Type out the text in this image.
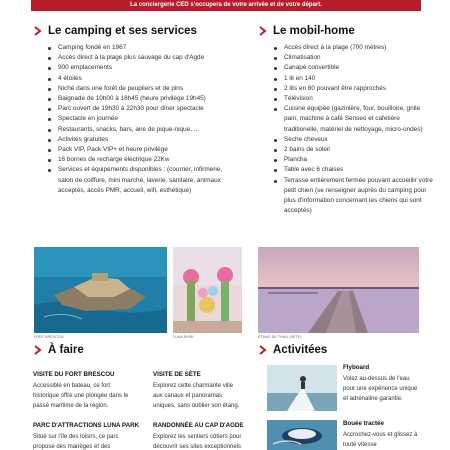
La conciergerie CED s'occupera de votre arrivée et de votre départ.
Le camping et ses services
Camping fondé en 1967
Accès direct à la plage plus sauvage du cap d'Agde
900 emplacements
4 étoiles
Niché dans une forêt de peupliers et de pins
Baignade de 10h00 à 18h45 (heure privilège 19h45)
Parc ouvert de 19h30 à 22h30 pour dîner spectacle
Spectacle en journée
Restaurants, snacks, bars, aire de pique-nique, ...
Activités gratuites
Pack VIP, Pack VIP+ et heure privilège
16 bornes de recharge électrique 22Kw
Services et équipements disponibles : (courrier, infirmerie, salon de coiffure, mini marché, laverie, sanitaire, animaux acceptés, accès PMR, accueil, wifi, esthétique)
Le mobil-home
Accès direct à la plage (700 mètres)
Climatisation
Canapé convertible
1 lit en 140
2 lits en 80 pouvant être rapprochés
Télévision
Cuisine équipée (gazinière, four, bouilloire, grille pain, machine à café Senseo et cafetière traditionelle, matériel de nettoyage, micro-ondes)
Sèche cheveux
2 bains de soleil
Plancha
Table avec 6 chaises
Terrasse entièrement fermée pouvant accueillir votre petit chien (se renseigner auprès du camping pour plus d'information concernant les chiens qui sont acceptés)
FORT BRESCOU	LUNA PARK	ÉTANG DE THAU (SÈTE)
À faire
VISITE DU FORT BRESCOU
Accessible en bateau, ce fort historique offre une plongée dans le passé maritime de la région.
VISITE DE SÈTE
Explorez cette charmante ville aux canaux et panoramas uniques, sans oublier son étang.
PARC D'ATTRACTIONS LUNA PARK
Situé sur l'île des loisirs, ce parc propose des manèges et des
RANDONNÉE AU CAP D'AGDE
Explorez les sentiers côtiers pour découvrir ses sites exceptionnels
Activitées
Flyboard
Volez au-dessus de l'eau pour une expérience unique et adrénaline garantie.
Bouée tractée
Accrochez-vous et glissez à toute vitesse
